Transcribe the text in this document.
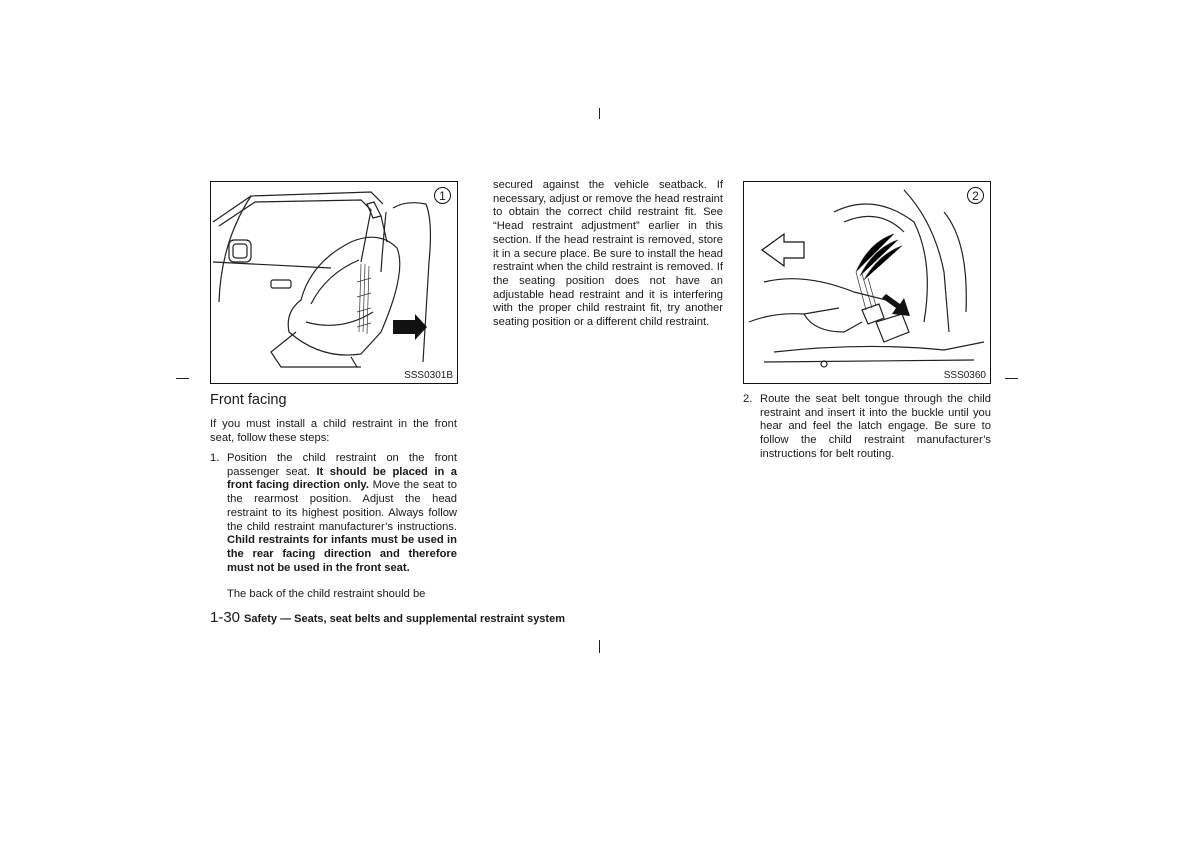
1
SSS0301B
2
SSS0360
Front facing
If you must install a child restraint in the front seat, follow these steps:
1. Position the child restraint on the front passenger seat. It should be placed in a front facing direction only. Move the seat to the rearmost position. Adjust the head restraint to its highest position. Always follow the child restraint manufacturer’s instructions. Child restraints for infants must be used in the rear facing direction and therefore must not be used in the front seat.
The back of the child restraint should be
secured against the vehicle seatback. If necessary, adjust or remove the head restraint to obtain the correct child restraint fit. See “Head restraint adjustment” earlier in this section. If the head restraint is removed, store it in a secure place. Be sure to install the head restraint when the child restraint is removed. If the seating position does not have an adjustable head restraint and it is interfering with the proper child restraint fit, try another seating position or a different child restraint.
2. Route the seat belt tongue through the child restraint and insert it into the buckle until you hear and feel the latch engage. Be sure to follow the child restraint manufacturer’s instructions for belt routing.
1-30 Safety — Seats, seat belts and supplemental restraint system
